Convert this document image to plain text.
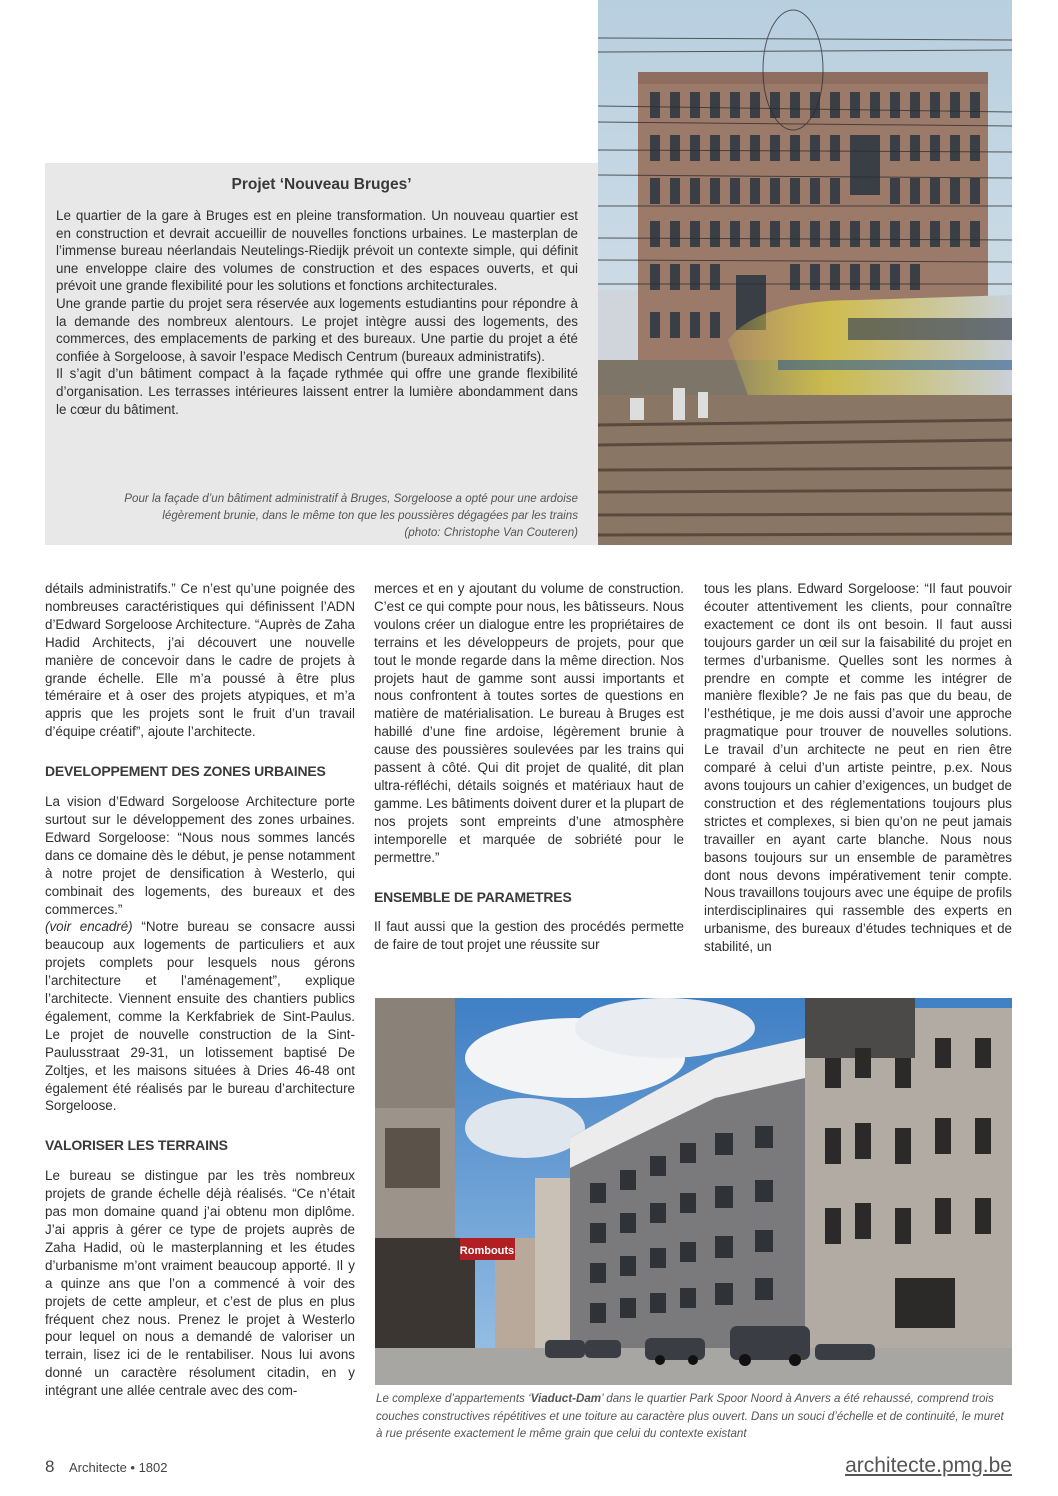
Projet ‘Nouveau Bruges’

Le quartier de la gare à Bruges est en pleine transformation. Un nouveau quartier est en construction et devrait accueillir de nouvelles fonctions urbaines. Le masterplan de l’immense bureau néerlandais Neutelings-Riedijk prévoit un contexte simple, qui définit une enveloppe claire des volumes de construction et des espaces ouverts, et qui prévoit une grande flexibilité pour les solutions et fonctions architecturales.

Une grande partie du projet sera réservée aux logements estudiantins pour répondre à la demande des nombreux alentours. Le projet intègre aussi des logements, des commerces, des emplacements de parking et des bureaux. Une partie du projet a été confiée à Sorgeloose, à savoir l’espace Medisch Centrum (bureaux administratifs).

Il s’agit d’un bâtiment compact à la façade rythmée qui offre une grande flexibilité d’organisation. Les terrasses intérieures laissent entrer la lumière abondamment dans le cœur du bâtiment.

Pour la façade d’un bâtiment administratif à Bruges, Sorgeloose a opté pour une ardoise
légèrement brunie, dans le même ton que les poussières dégagées par les trains
(photo: Christophe Van Couteren)

détails administratifs.” Ce n’est qu’une poignée des nombreuses caractéristiques qui définissent l’ADN d’Edward Sorgeloose Architecture. “Auprès de Zaha Hadid Architects, j’ai découvert une nouvelle manière de concevoir dans le cadre de projets à grande échelle. Elle m’a poussé à être plus téméraire et à oser des projets atypiques, et m’a appris que les projets sont le fruit d’un travail d’équipe créatif”, ajoute l’architecte.

DEVELOPPEMENT DES ZONES URBAINES

La vision d’Edward Sorgeloose Architecture porte surtout sur le développement des zones urbaines. Edward Sorgeloose: “Nous nous sommes lancés dans ce domaine dès le début, je pense notamment à notre projet de densification à Westerlo, qui combinait des logements, des bureaux et des commerces.”
(voir encadré) “Notre bureau se consacre aussi beaucoup aux logements de particuliers et aux projets complets pour lesquels nous gérons l’architecture et l’aménagement”, explique l’architecte. Viennent ensuite des chantiers publics également, comme la Kerkfabriek de Sint-Paulus. Le projet de nouvelle construction de la Sint-Paulusstraat 29-31, un lotissement baptisé De Zoltjes, et les maisons situées à Dries 46-48 ont également été réalisés par le bureau d’architecture Sorgeloose.

VALORISER LES TERRAINS

Le bureau se distingue par les très nombreux projets de grande échelle déjà réalisés. “Ce n’était pas mon domaine quand j’ai obtenu mon diplôme. J’ai appris à gérer ce type de projets auprès de Zaha Hadid, où le masterplanning et les études d’urbanisme m’ont vraiment beaucoup apporté. Il y a quinze ans que l’on a commencé à voir des projets de cette ampleur, et c’est de plus en plus fréquent chez nous. Prenez le projet à Westerlo pour lequel on nous a demandé de valoriser un terrain, lisez ici de le rentabiliser. Nous lui avons donné un caractère résolument citadin, en y intégrant une allée centrale avec des com-

merces et en y ajoutant du volume de construction. C’est ce qui compte pour nous, les bâtisseurs. Nous voulons créer un dialogue entre les propriétaires de terrains et les développeurs de projets, pour que tout le monde regarde dans la même direction. Nos projets haut de gamme sont aussi importants et nous confrontent à toutes sortes de questions en matière de matérialisation. Le bureau à Bruges est habillé d’une fine ardoise, légèrement brunie à cause des poussières soulevées par les trains qui passent à côté. Qui dit projet de qualité, dit plan ultra-réfléchi, détails soignés et matériaux haut de gamme. Les bâtiments doivent durer et la plupart de nos projets sont empreints d’une atmosphère intemporelle et marquée de sobriété pour le permettre.”

ENSEMBLE DE PARAMETRES

Il faut aussi que la gestion des procédés permette de faire de tout projet une réussite sur

tous les plans. Edward Sorgeloose: “Il faut pouvoir écouter attentivement les clients, pour connaître exactement ce dont ils ont besoin. Il faut aussi toujours garder un œil sur la faisabilité du projet en termes d’urbanisme. Quelles sont les normes à prendre en compte et comme les intégrer de manière flexible? Je ne fais pas que du beau, de l’esthétique, je me dois aussi d’avoir une approche pragmatique pour trouver de nouvelles solutions. Le travail d’un architecte ne peut en rien être comparé à celui d’un artiste peintre, p.ex. Nous avons toujours un cahier d’exigences, un budget de construction et des réglementations toujours plus strictes et complexes, si bien qu’on ne peut jamais travailler en ayant carte blanche. Nous nous basons toujours sur un ensemble de paramètres dont nous devons impérativement tenir compte. Nous travaillons toujours avec une équipe de profils interdisciplinaires qui rassemble des experts en urbanisme, des bureaux d’études techniques et de stabilité, un

Rombouts
Le complexe d’appartements ‘Viaduct-Dam’ dans le quartier Park Spoor Noord à Anvers a été rehaussé, comprend trois couches constructives répétitives et une toiture au caractère plus ouvert. Dans un souci d’échelle et de continuité, le muret à rue présente exactement le même grain que celui du contexte existant
8 Architecte • 1802	architecte.pmg.be
